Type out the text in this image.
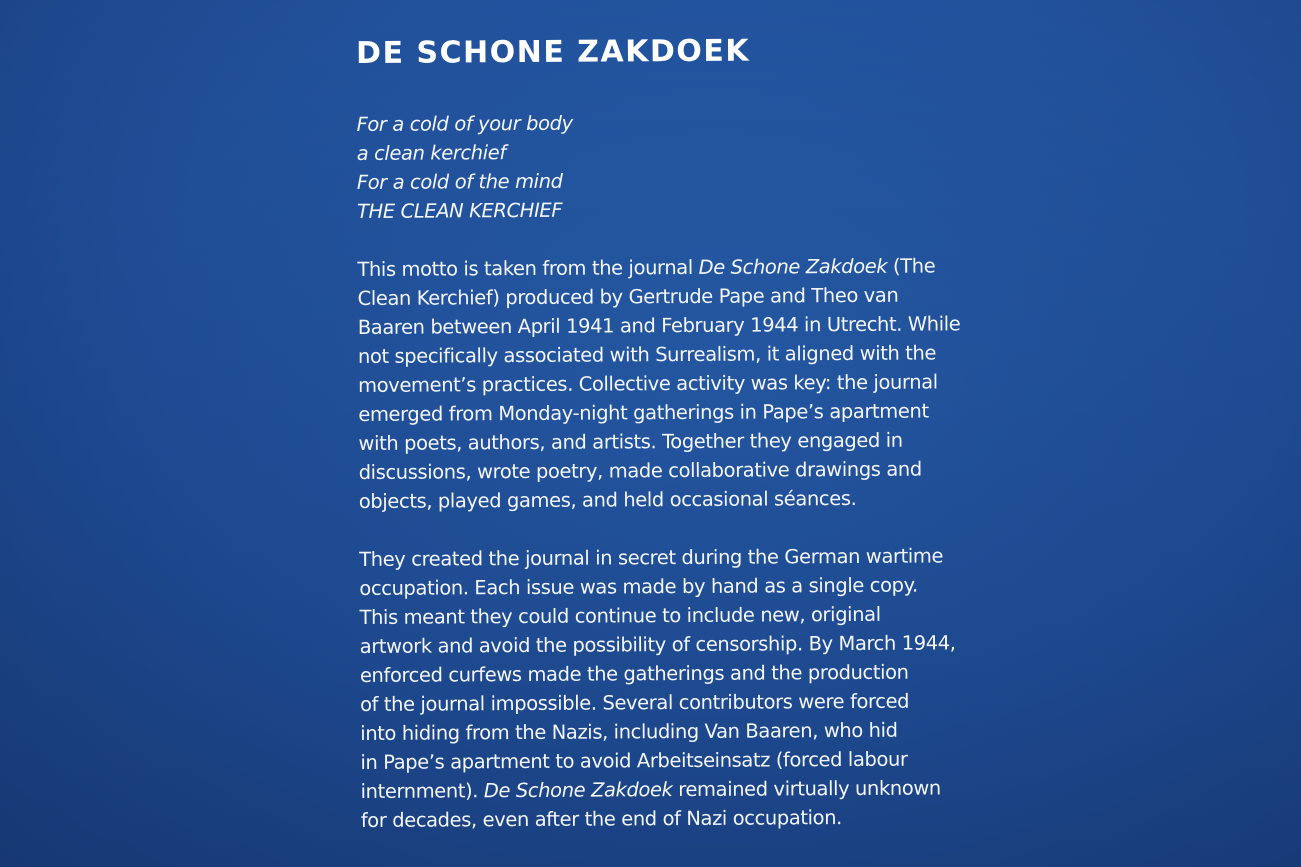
DE SCHONE ZAKDOEK
For a cold of your body
a clean kerchief
For a cold of the mind
THE CLEAN KERCHIEF
This motto is taken from the journal De Schone Zakdoek (The
Clean Kerchief) produced by Gertrude Pape and Theo van
Baaren between April 1941 and February 1944 in Utrecht. While
not specifically associated with Surrealism, it aligned with the
movement’s practices. Collective activity was key: the journal
emerged from Monday-night gatherings in Pape’s apartment
with poets, authors, and artists. Together they engaged in
discussions, wrote poetry, made collaborative drawings and
objects, played games, and held occasional séances.
They created the journal in secret during the German wartime
occupation. Each issue was made by hand as a single copy.
This meant they could continue to include new, original
artwork and avoid the possibility of censorship. By March 1944,
enforced curfews made the gatherings and the production
of the journal impossible. Several contributors were forced
into hiding from the Nazis, including Van Baaren, who hid
in Pape’s apartment to avoid Arbeitseinsatz (forced labour
internment). De Schone Zakdoek remained virtually unknown
for decades, even after the end of Nazi occupation.
